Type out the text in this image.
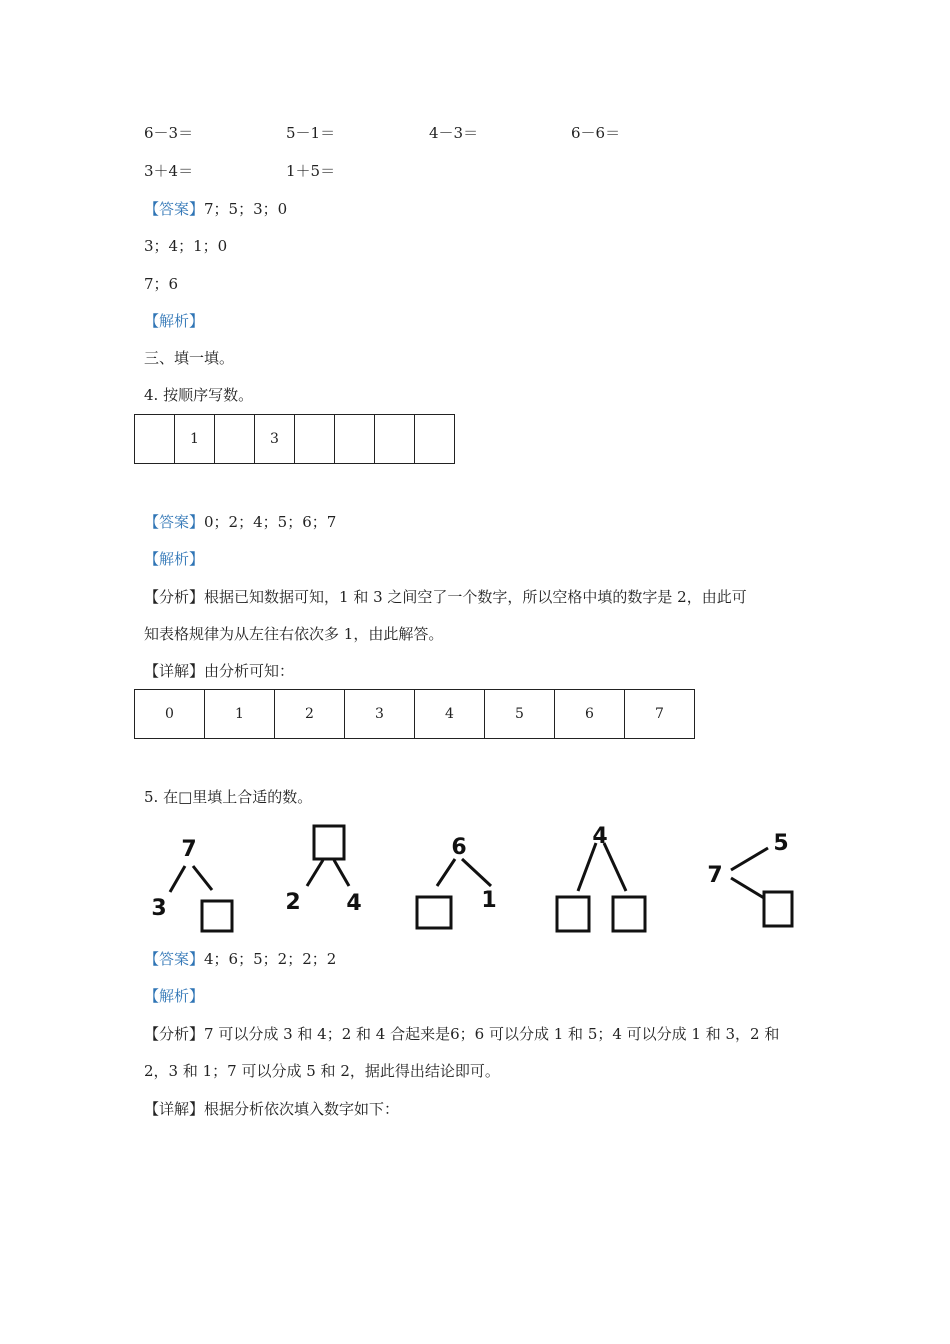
6－3＝	5－1＝	4－3＝	6－6＝
3＋4＝	1＋5＝
【答案】7；5；3；0
3；4；1；0
7；6
【解析】
三、填一填。
4. 按顺序写数。
	1		3				
【答案】0；2；4；5；6；7
【解析】
【分析】根据已知数据可知，1 和 3 之间空了一个数字，所以空格中填的数字是 2，由此可
知表格规律为从左往右依次多 1，由此解答。
【详解】由分析可知：
0	1	2	3	4	5	6	7
5. 在□里填上合适的数。
7
3	2 4
6
1
4
7
5
【答案】4；6；5；2；2；2
【解析】
【分析】7 可以分成 3 和 4；2 和 4 合起来是6；6 可以分成 1 和 5；4 可以分成 1 和 3，2 和
2，3 和 1；7 可以分成 5 和 2，据此得出结论即可。
【详解】根据分析依次填入数字如下：
